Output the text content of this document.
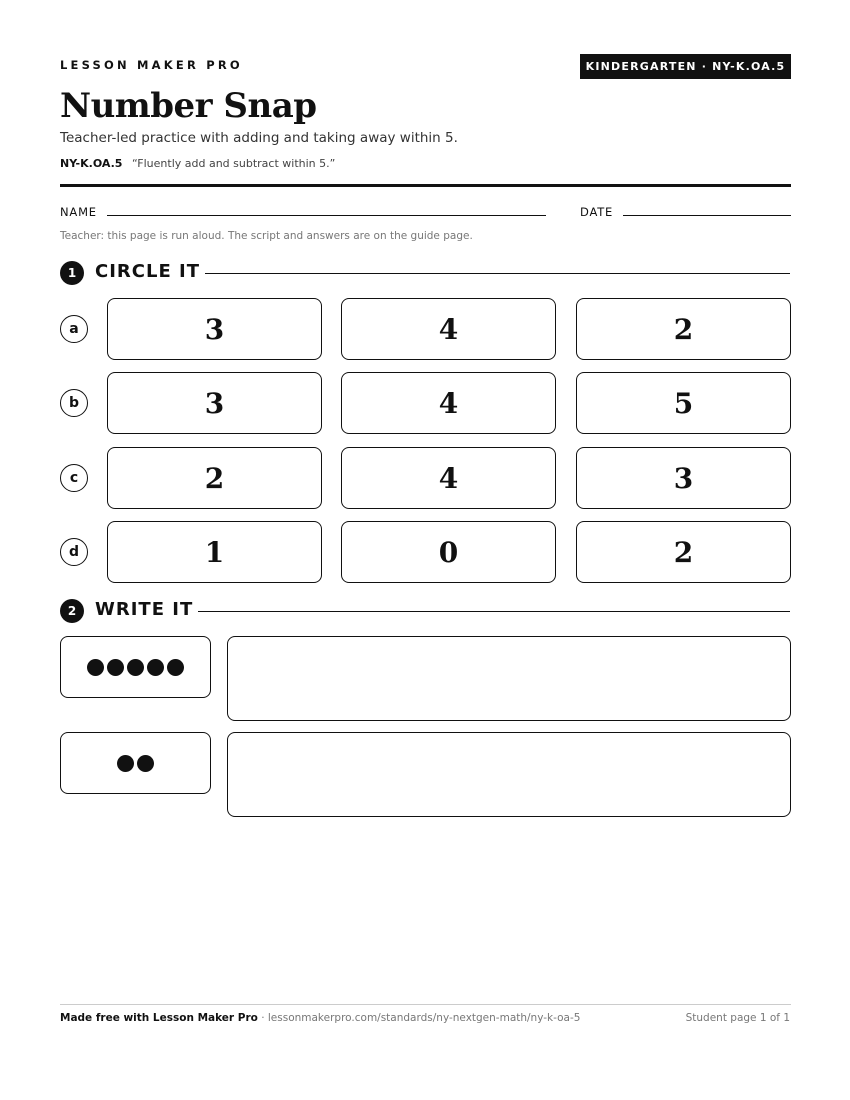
LESSON MAKER PRO	KINDERGARTEN · NY-K.OA.5
Number Snap
Teacher-led practice with adding and taking away within 5.
NY-K.OA.5 “Fluently add and subtract within 5.”
NAME	DATE
Teacher: this page is run aloud. The script and answers are on the guide page.
1	CIRCLE IT
a	3	4	2
b	3	4	5
c	2	4	3
d	1	0	2
2	WRITE IT
Made free with Lesson Maker Pro · lessonmakerpro.com/standards/ny-nextgen-math/ny-k-oa-5	Student page 1 of 1
